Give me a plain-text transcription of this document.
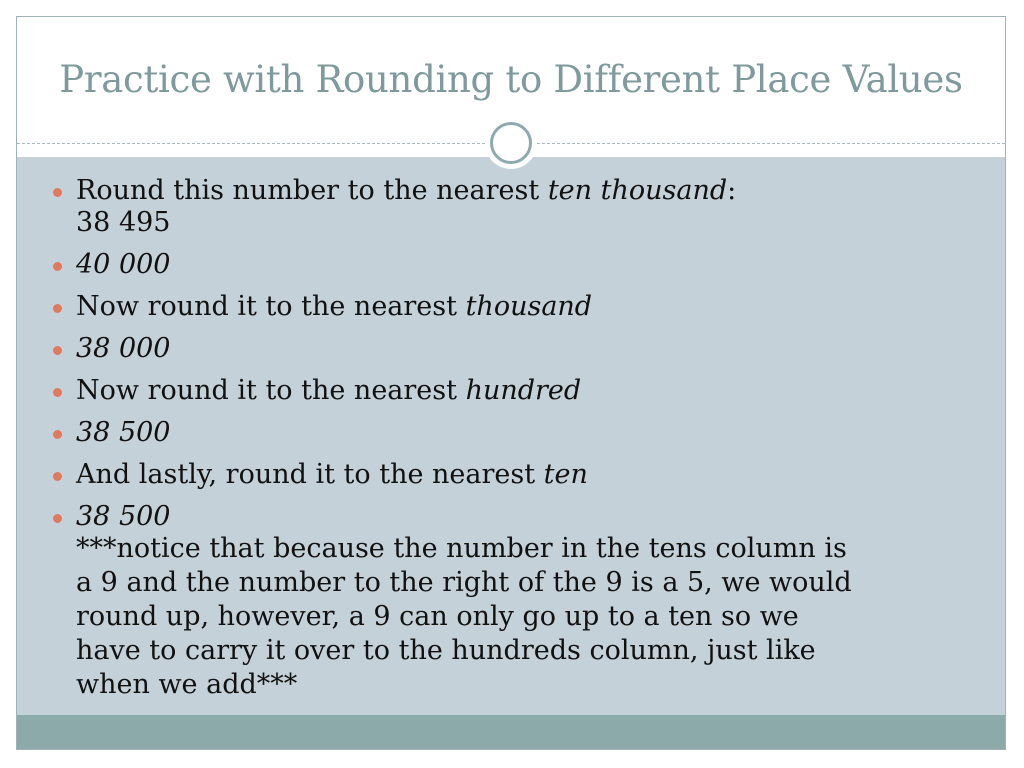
Practice with Rounding to Different Place Values
Round this number to the nearest ten thousand:
38 495
40 000
Now round it to the nearest thousand
38 000
Now round it to the nearest hundred
38 500
And lastly, round it to the nearest ten
38 500
***notice that because the number in the tens column is
a 9 and the number to the right of the 9 is a 5, we would
round up, however, a 9 can only go up to a ten so we
have to carry it over to the hundreds column, just like
when we add***
